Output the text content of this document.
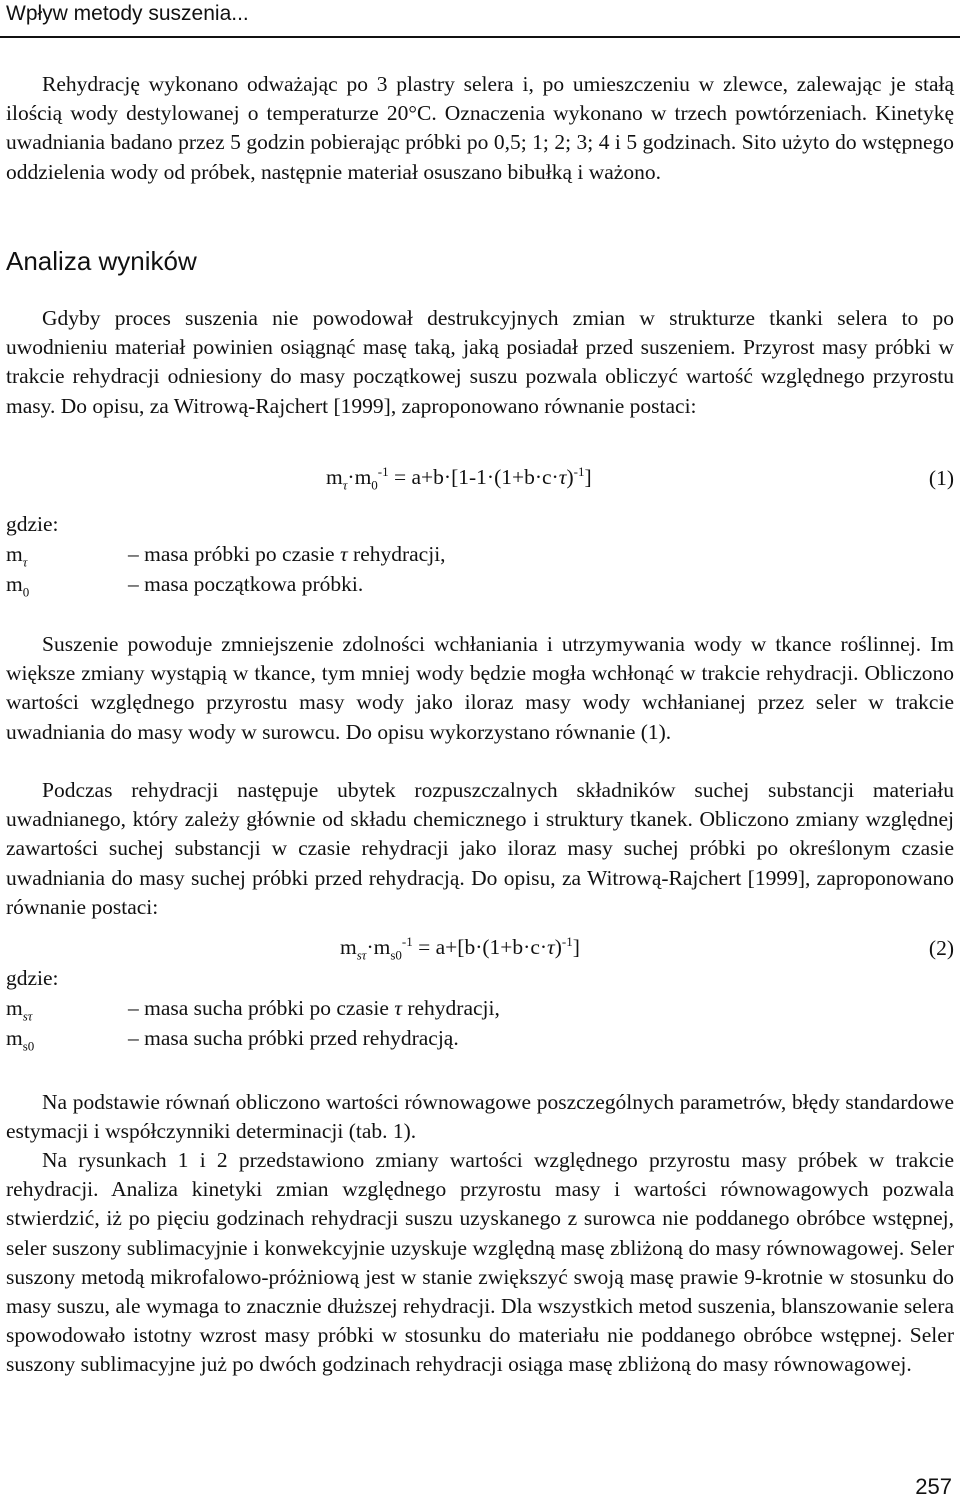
Wpływ metody suszenia...

Rehydrację wykonano odważając po 3 plastry selera i, po umieszczeniu w zlewce, zalewając je stałą ilością wody destylowanej o temperaturze 20°C. Oznaczenia wykonano w trzech powtórzeniach. Kinetykę uwadniania badano przez 5 godzin pobierając próbki po 0,5; 1; 2; 3; 4 i 5 godzinach. Sito użyto do wstępnego oddzielenia wody od próbek, następnie materiał osuszano bibułką i ważono.

Analiza wyników

Gdyby proces suszenia nie powodował destrukcyjnych zmian w strukturze tkanki selera to po uwodnieniu materiał powinien osiągnąć masę taką, jaką posiadał przed suszeniem. Przyrost masy próbki w trakcie rehydracji odniesiony do masy początkowej suszu pozwala obliczyć wartość względnego przyrostu masy. Do opisu, za Witrową-Rajchert [1999], zaproponowano równanie postaci:

$m_\tau\cdot m_0^{-1} = a+b\cdot[1-1\cdot(1+b\cdot c\cdot\tau)^{-1}]$	(1)
gdzie:
$m_\tau$	– masa próbki po czasie τ rehydracji,
$m_0$	– masa początkowa próbki.

Suszenie powoduje zmniejszenie zdolności wchłaniania i utrzymywania wody w tkance roślinnej. Im większe zmiany wystąpią w tkance, tym mniej wody będzie mogła wchłonąć w trakcie rehydracji. Obliczono wartości względnego przyrostu masy wody jako iloraz masy wody wchłanianej przez seler w trakcie uwadniania do masy wody w surowcu. Do opisu wykorzystano równanie (1).

Podczas rehydracji następuje ubytek rozpuszczalnych składników suchej substancji materiału uwadnianego, który zależy głównie od składu chemicznego i struktury tkanek. Obliczono zmiany względnej zawartości suchej substancji w czasie rehydracji jako iloraz masy suchej próbki po określonym czasie uwadniania do masy suchej próbki przed rehydracją. Do opisu, za Witrową-Rajchert [1999], zaproponowano równanie postaci:

$m_{s\tau}\cdot m_{s0}^{-1} = a+[b\cdot(1+b\cdot c\cdot\tau)^{-1}]$	(2)
gdzie:
$m_{s\tau}$	– masa sucha próbki po czasie τ rehydracji,
$m_{s0}$	– masa sucha próbki przed rehydracją.

Na podstawie równań obliczono wartości równowagowe poszczególnych parametrów, błędy standardowe estymacji i współczynniki determinacji (tab. 1).

Na rysunkach 1 i 2 przedstawiono zmiany wartości względnego przyrostu masy próbek w trakcie rehydracji. Analiza kinetyki zmian względnego przyrostu masy i wartości równowagowych pozwala stwierdzić, iż po pięciu godzinach rehydracji suszu uzyskanego z surowca nie poddanego obróbce wstępnej, seler suszony sublimacyjnie i konwekcyjnie uzyskuje względną masę zbliżoną do masy równowagowej. Seler suszony metodą mikrofalowo-próżniową jest w stanie zwiększyć swoją masę prawie 9-krotnie w stosunku do masy suszu, ale wymaga to znacznie dłuższej rehydracji. Dla wszystkich metod suszenia, blanszowanie selera spowodowało istotny wzrost masy próbki w stosunku do materiału nie poddanego obróbce wstępnej. Seler suszony sublimacyjne już po dwóch godzinach rehydracji osiąga masę zbliżoną do masy równowagowej.

257
